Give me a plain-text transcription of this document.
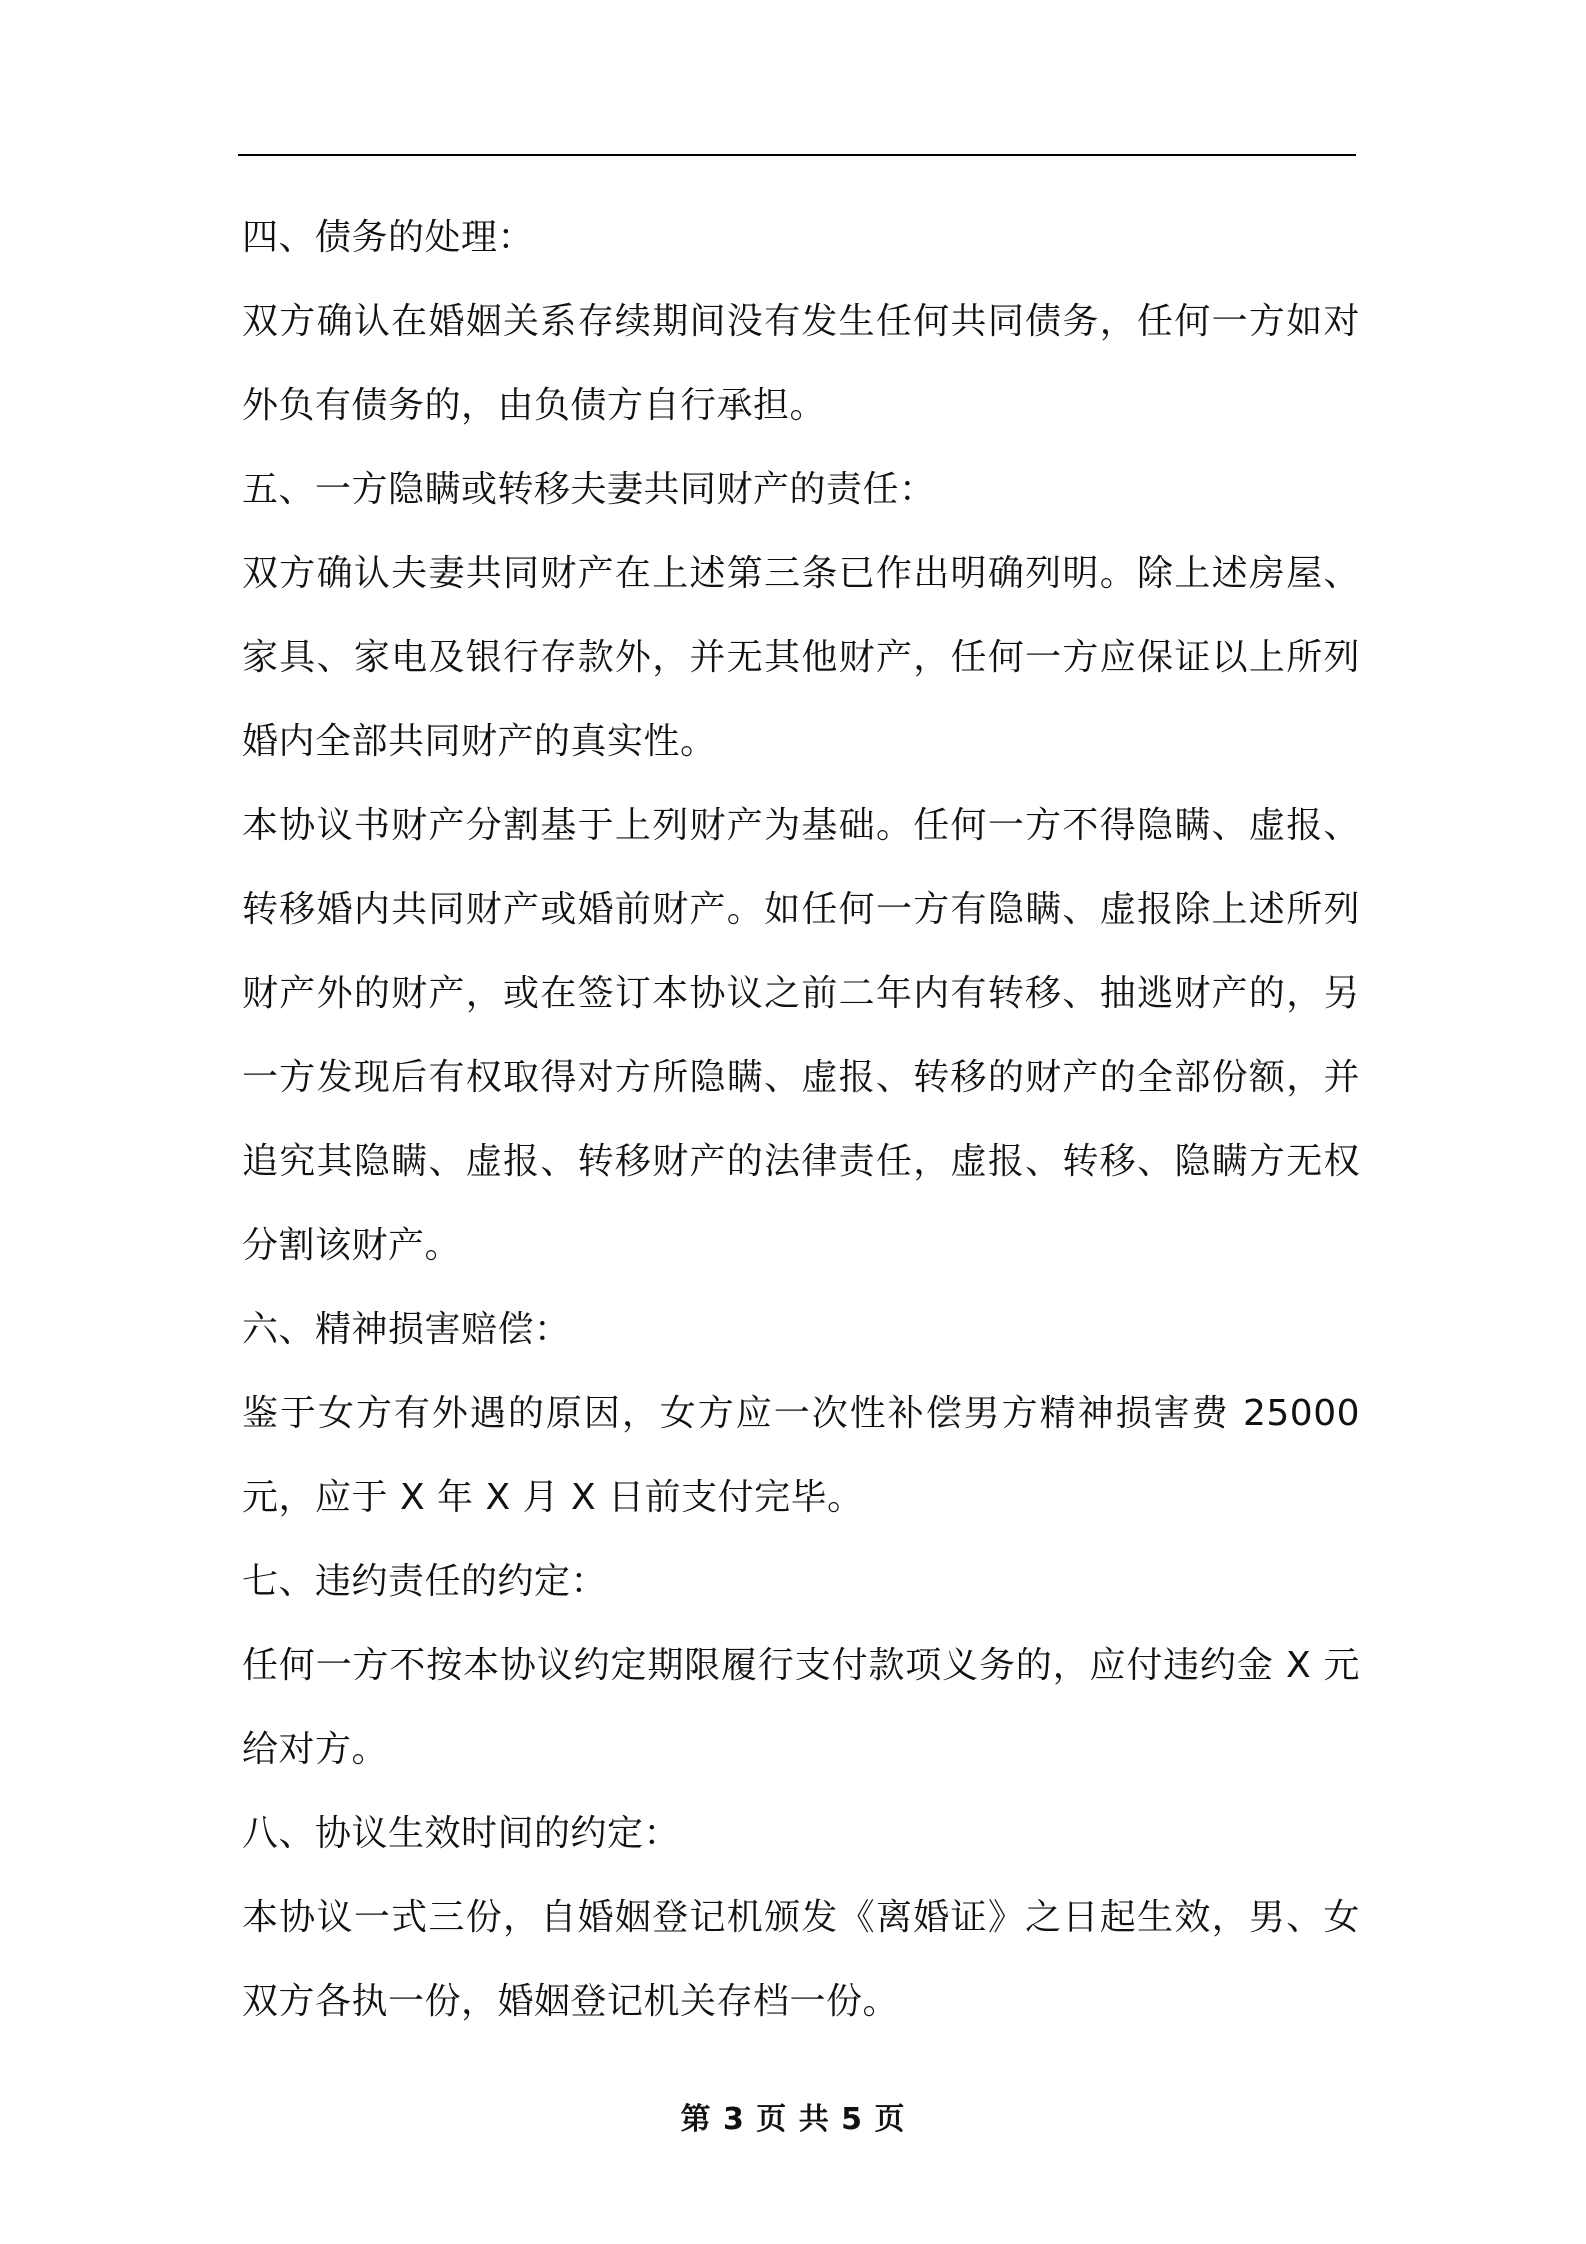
四、债务的处理：

双方确认在婚姻关系存续期间没有发生任何共同债务，任何一方如对外负有债务的，由负债方自行承担。

五、一方隐瞒或转移夫妻共同财产的责任：

双方确认夫妻共同财产在上述第三条已作出明确列明。除上述房屋、家具、家电及银行存款外，并无其他财产，任何一方应保证以上所列婚内全部共同财产的真实性。

本协议书财产分割基于上列财产为基础。任何一方不得隐瞒、虚报、转移婚内共同财产或婚前财产。如任何一方有隐瞒、虚报除上述所列财产外的财产，或在签订本协议之前二年内有转移、抽逃财产的，另一方发现后有权取得对方所隐瞒、虚报、转移的财产的全部份额，并追究其隐瞒、虚报、转移财产的法律责任，虚报、转移、隐瞒方无权分割该财产。

六、精神损害赔偿：

鉴于女方有外遇的原因，女方应一次性补偿男方精神损害费 25000 元，应于 X 年 X 月 X 日前支付完毕。

七、违约责任的约定：

任何一方不按本协议约定期限履行支付款项义务的，应付违约金 X 元给对方。

八、协议生效时间的约定：

本协议一式三份，自婚姻登记机颁发《离婚证》之日起生效，男、女双方各执一份，婚姻登记机关存档一份。

第 3 页 共 5 页
